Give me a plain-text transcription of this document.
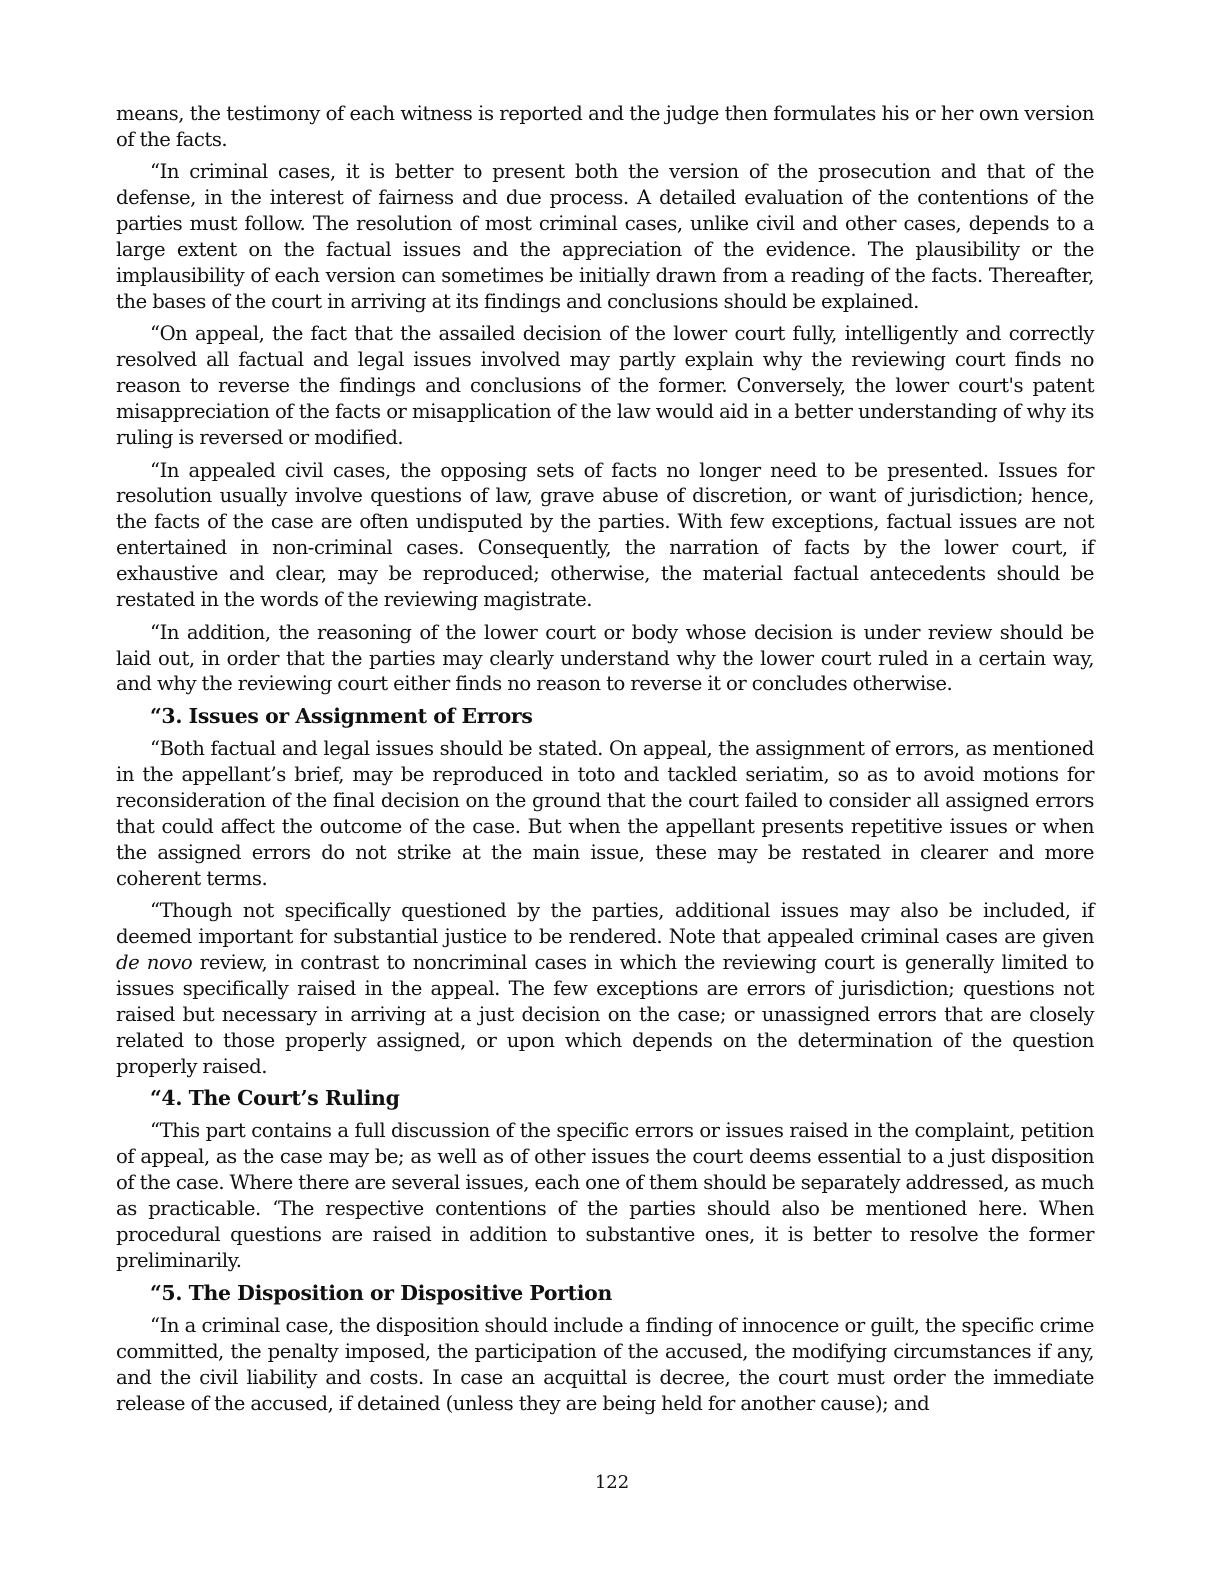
means, the testimony of each witness is reported and the judge then formulates his or her own version of the facts.

“In criminal cases, it is better to present both the version of the prosecution and that of the defense, in the interest of fairness and due process. A detailed evaluation of the contentions of the parties must follow. The resolution of most criminal cases, unlike civil and other cases, depends to a large extent on the factual issues and the appreciation of the evidence. The plausibility or the implausibility of each version can sometimes be initially drawn from a reading of the facts. Thereafter, the bases of the court in arriving at its findings and conclusions should be explained.

“On appeal, the fact that the assailed decision of the lower court fully, intelligently and correctly resolved all factual and legal issues involved may partly explain why the reviewing court finds no reason to reverse the findings and conclusions of the former. Conversely, the lower court's patent misappreciation of the facts or misapplication of the law would aid in a better understanding of why its ruling is reversed or modified.

“In appealed civil cases, the opposing sets of facts no longer need to be presented. Issues for resolution usually involve questions of law, grave abuse of discretion, or want of jurisdiction; hence, the facts of the case are often undisputed by the parties. With few exceptions, factual issues are not entertained in non-criminal cases. Consequently, the narration of facts by the lower court, if exhaustive and clear, may be reproduced; otherwise, the material factual antecedents should be restated in the words of the reviewing magistrate.

“In addition, the reasoning of the lower court or body whose decision is under review should be laid out, in order that the parties may clearly understand why the lower court ruled in a certain way, and why the reviewing court either finds no reason to reverse it or concludes otherwise.

“3. Issues or Assignment of Errors

“Both factual and legal issues should be stated. On appeal, the assignment of errors, as mentioned in the appellant’s brief, may be reproduced in toto and tackled seriatim, so as to avoid motions for reconsideration of the final decision on the ground that the court failed to consider all assigned errors that could affect the outcome of the case. But when the appellant presents repetitive issues or when the assigned errors do not strike at the main issue, these may be restated in clearer and more coherent terms.

“Though not specifically questioned by the parties, additional issues may also be included, if deemed important for substantial justice to be rendered. Note that appealed criminal cases are given de novo review, in contrast to noncriminal cases in which the reviewing court is generally limited to issues specifically raised in the appeal. The few exceptions are errors of jurisdiction; questions not raised but necessary in arriving at a just decision on the case; or unassigned errors that are closely related to those properly assigned, or upon which depends on the determination of the question properly raised.

“4. The Court’s Ruling

“This part contains a full discussion of the specific errors or issues raised in the complaint, petition of appeal, as the case may be; as well as of other issues the court deems essential to a just disposition of the case. Where there are several issues, each one of them should be separately addressed, as much as practicable. ‘The respective contentions of the parties should also be mentioned here. When procedural questions are raised in addition to substantive ones, it is better to resolve the former preliminarily.

“5. The Disposition or Dispositive Portion

“In a criminal case, the disposition should include a finding of innocence or guilt, the specific crime committed, the penalty imposed, the participation of the accused, the modifying circumstances if any, and the civil liability and costs. In case an acquittal is decree, the court must order the immediate release of the accused, if detained (unless they are being held for another cause); and

122
